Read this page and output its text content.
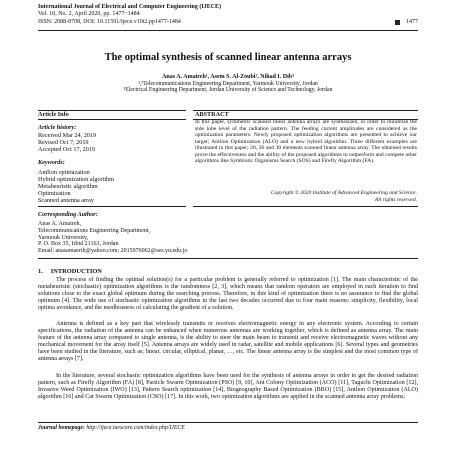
International Journal of Electrical and Computer Engineering (IJECE)
Vol. 10, No. 2, April 2020, pp. 1477~1484
ISSN: 2088-8708, DOI: 10.11591/ijece.v10i2.pp1477-1484	1477
The optimal synthesis of scanned linear antenna arrays
Anas A. Amaireh¹, Asem S. Al-Zoubi², Nihad I. Dib³
¹,²Telecommunications Engineering Department, Yarmouk University, Jordan
³Electrical Engineering Department, Jordan University of Science and Technology, Jordan
Article Info	ABSTRACT
Article history:
Received Mar 24, 2019
Revised Oct 7, 2019
Accepted Oct 17, 2019
Keywords:
Antlion optimization
Hybrid optimization algorithm
Metaheuristic algorithm
Optimization
Scanned antenna array
In this paper, symmetric scanned linear antenna arrays are synthesized, in order to minimize the side lobe level of the radiation pattern. The feeding current amplitudes are considered as the optimization parameters. Newly proposed optimization algorithms are presented to achieve our target; Antlion Optimization (ALO) and a new hybrid algorithm. Three different examples are illustrated in this paper; 20, 26 and 30 elements scanned linear antenna array. The obtained results prove the effectiveness and the ability of the proposed algorithms to outperform and compete other algorithms like Symbiotic Organisms Search (SOS) and Firefly Algorithm (FA).
Copyright © 2020 Institute of Advanced Engineering and Science.
All rights reserved.
Corresponding Author:
Anas A. Amaireh,
Telecommunications Engineering Department,
Yarmouk University,
P. O. Box 35, Irbid 21163, Jordan
Email: anasamaerih@yahoo.com; 2015976002@ses.yu.edu.jo
1.     INTRODUCTION
The process of finding the optimal solution(s) for a particular problem is generally referred to optimization [1]. The main characteristic of the metaheuristic (stochastic) optimization algorithms is the randomness [2, 3], which means that random operators are employed in each iteration to find solutions close to the exact global optimum during the searching process. Therefore, in this kind of optimization there is no assurance to find the global optimum [4]. The wide use of stochastic optimization algorithms in the last two decades occurred due to four main reasons: simplicity, flexibility, local optima avoidance, and the needlessness of calculating the gradient of a solution.
Antenna is defined as a key part that wirelessly transmits or receives electromagnetic energy in any electronic system. According to certain specifications, the radiation of the antenna can be enhanced when numerous antennas are working together, which is defined as antenna array. The main feature of the antenna array compared to single antenna, is the ability to steer the main beam to transmit and receive electromagnetic waves without any mechanical movement for the array itself [5]. Antenna arrays are widely used in radar, satellite and mobile applications [6]. Several types and geometries have been studied in the literature, such as; linear, circular, elliptical, planar, …, etc. The linear antenna array is the simplest and the most common type of antenna arrays [7].
In the literature, several stochastic optimization algorithms have been used for the synthesis of antenna arrays in order to get the desired radiation pattern, such as Firefly Algorithm (FA) [8], Particle Swarm Optimization (PSO) [9, 10], Ant Colony Optimization (ACO) [11], Taguchi Optimization [12], Invasive Weed Optimization (IWO) [13], Pattern Search optimization [14], Biogeography Based Optimization (BBO) [15], Antlion Optimization (ALO) algorithm [16] and Cat Swarm Optimization (CSO) [17]. In this work, two optimization algorithms are applied in the scanned antenna array problems;
Journal homepage: http://ijece.iaescore.com/index.php/IJECE
